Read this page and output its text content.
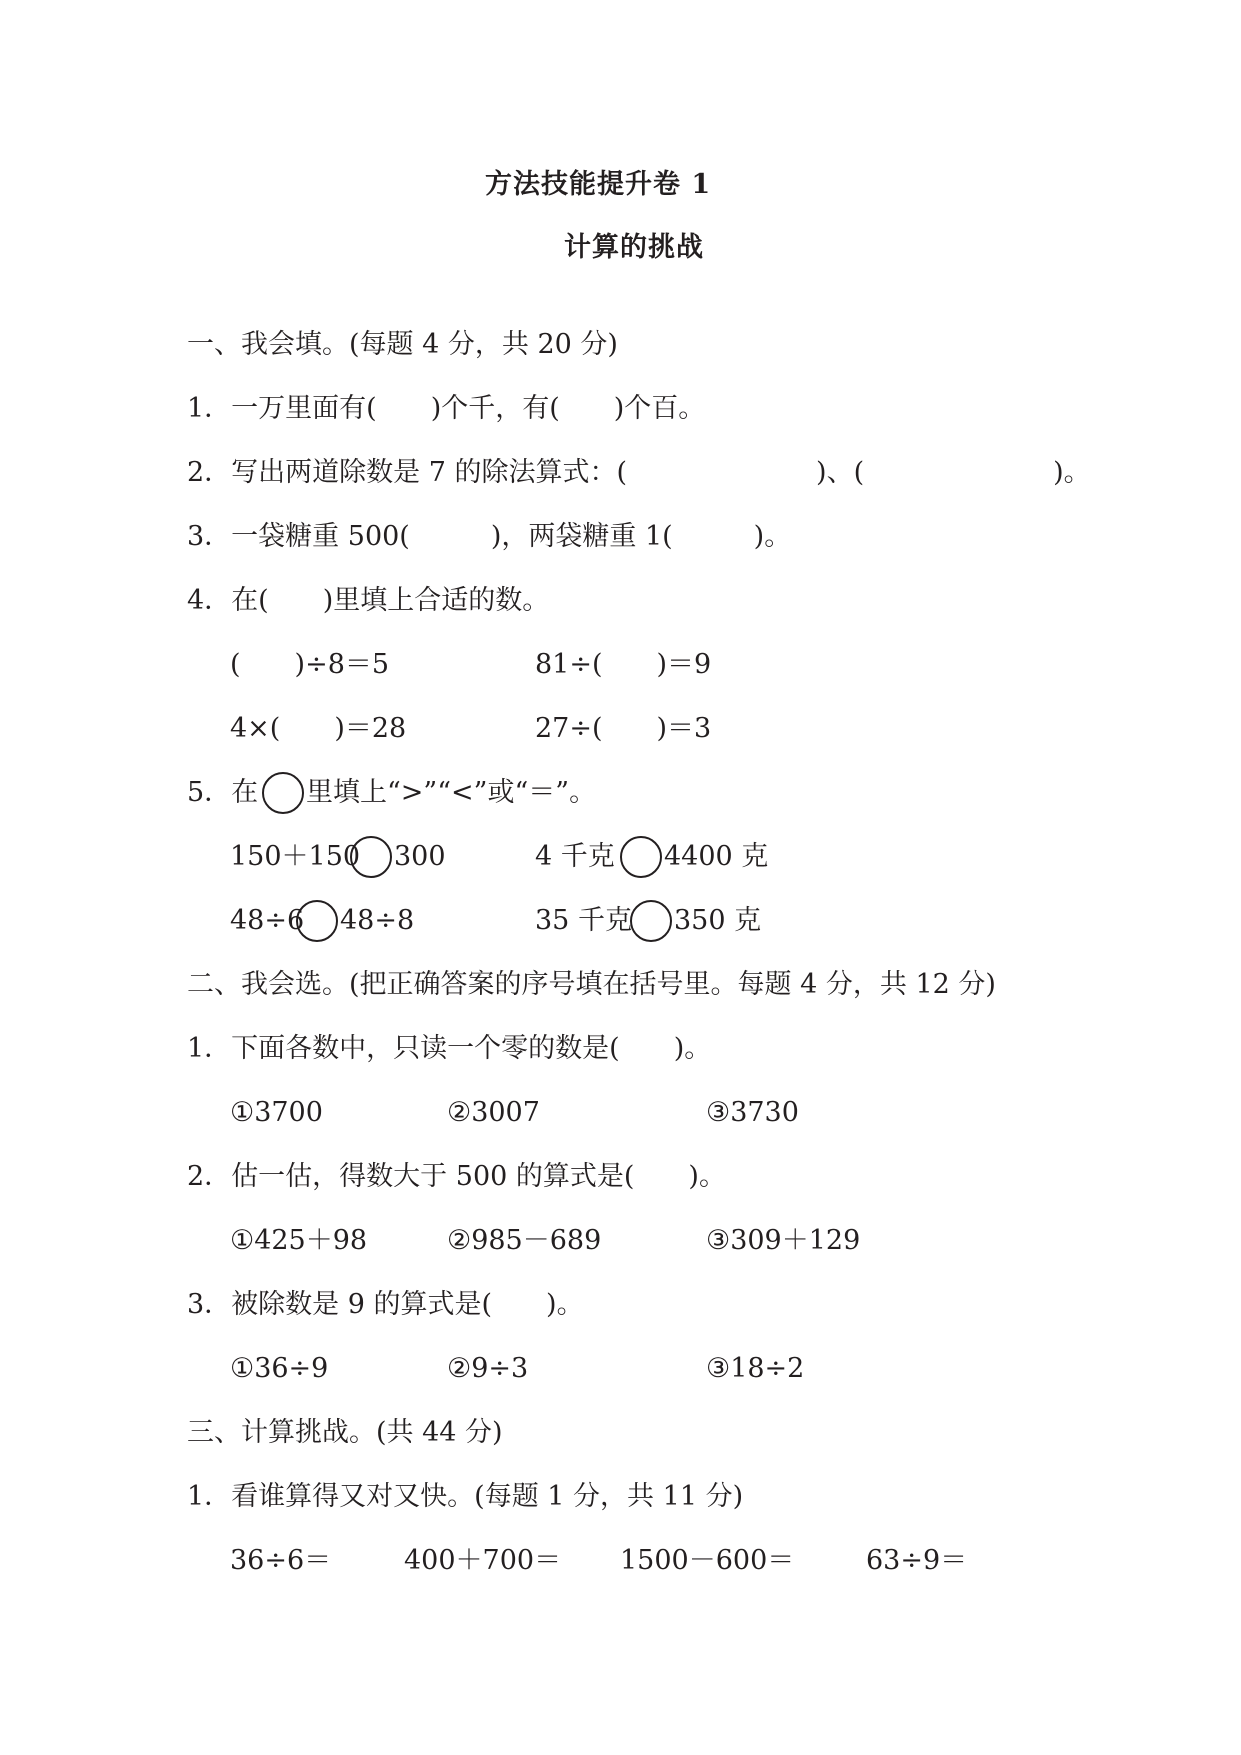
方法技能提升卷 1
计算的挑战
一、我会填。(每题 4 分，共 20 分)
1．一万里面有(　　)个千，有(　　)个百。
2．写出两道除数是 7 的除法算式：(　　　　　　　)、(　　　　　　　)。
3．一袋糖重 500(　　　)，两袋糖重 1(　　　)。
4．在(　　)里填上合适的数。
(　　)÷8＝5	81÷(　　)＝9
4×(　　)＝28	27÷(　　)＝3
5．在 里填上“>”“<”或“＝”。
150＋150 300	4 千克 4400 克
48÷6 48÷8	35 千克 350 克
二、我会选。(把正确答案的序号填在括号里。每题 4 分，共 12 分)
1．下面各数中，只读一个零的数是(　　)。
①3700	②3007	③3730
2．估一估，得数大于 500 的算式是(　　)。
①425＋98	②985－689	③309＋129
3．被除数是 9 的算式是(　　)。
①36÷9	②9÷3	③18÷2
三、计算挑战。(共 44 分)
1．看谁算得又对又快。(每题 1 分，共 11 分)
36÷6＝	400＋700＝ 1500－600＝	63÷9＝
